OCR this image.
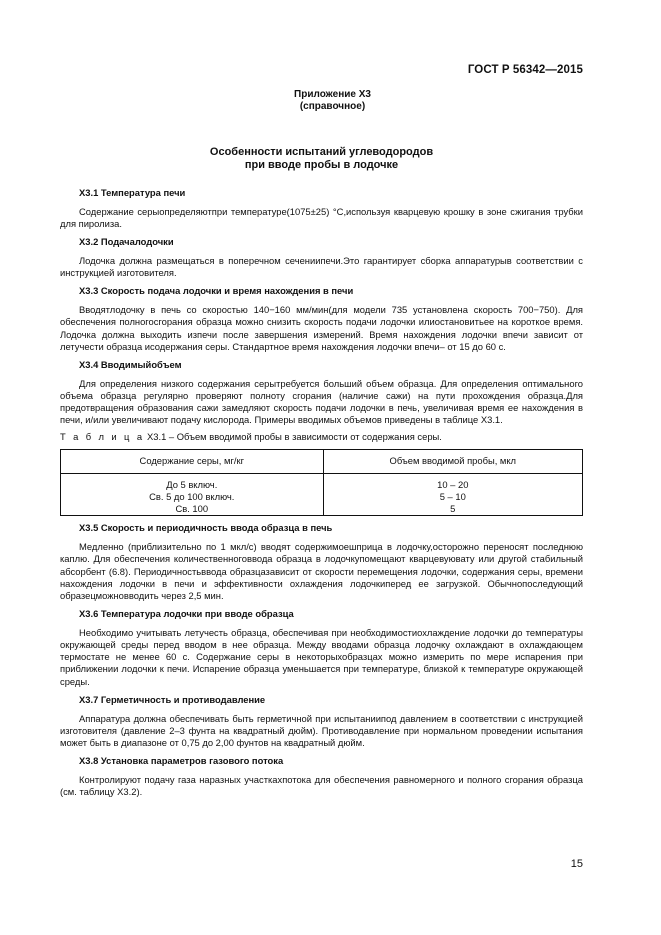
ГОСТ Р 56342—2015
Приложение Х3
(справочное)
Особенности испытаний углеводородов
при вводе пробы в лодочке
Х3.1 Температура печи

Содержание серыопределяютпри температуре(1075±25) °С,используя кварцевую крошку в зоне сжигания трубки для пиролиза.

Х3.2 Подачалодочки

Лодочка должна размещаться в поперечном сечениипечи.Это гарантирует сборка аппаратурыв соответствии с инструкцией изготовителя.

Х3.3 Скорость подача лодочки и время нахождения в печи

Вводятлодочку в печь со скоростью 140−160 мм/мин(для модели 735 установлена скорость 700−750). Для обеспечения полногосгорания образца можно снизить скорость подачи лодочки илиостановитьее на короткое время. Лодочка должна выходить изпечи после завершения измерений. Время нахождения лодочки впечи зависит от летучести образца исодержания серы. Стандартное время нахождения лодочки впечи– от 15 до 60 с.

Х3.4 Вводимыйобъем

Для определения низкого содержания серытребуется больший объем образца. Для определения оптимального объема образца регулярно проверяют полноту сгорания (наличие сажи) на пути прохождения образца.Для предотвращения образования сажи замедляют скорость подачи лодочки в печь, увеличивая время ее нахождения в печи, и/или увеличивают подачу кислорода. Примеры вводимых объемов приведены в таблице Х3.1.

Т а б л и ц а Х3.1 – Объем вводимой пробы в зависимости от содержания серы.
Содержание серы, мг/кг	Объем вводимой пробы, мкл
До 5 включ.	10 – 20
Св. 5 до 100 включ.	5 – 10
Св. 100	5
Х3.5 Скорость и периодичность ввода образца в печь

Медленно (приблизительно по 1 мкл/с) вводят содержимоешприца в лодочку,осторожно переносят последнюю каплю. Для обеспечения количественноговвода образца в лодочкупомещают кварцевуювату или другой стабильный абсорбент (6.8). Периодичностьввода образцазависит от скорости перемещения лодочки, содержания серы, времени нахождения лодочки в печи и эффективности охлаждения лодочкиперед ее загрузкой. Обычнопоследующий образецможновводить через 2,5 мин.

Х3.6 Температура лодочки при вводе образца

Необходимо учитывать летучесть образца, обеспечивая при необходимостиохлаждение лодочки до температуры окружающей среды перед вводом в нее образца. Между вводами образца лодочку охлаждают в охлаждающем термостате не менее 60 с. Содержание серы в некоторыхобразцах можно измерить по мере испарения при приближении лодочки к печи. Испарение образца уменьшается при температуре, близкой к температуре окружающей среды.

Х3.7 Герметичность и противодавление

Аппаратура должна обеспечивать быть герметичной при испытаниипод давлением в соответствии с инструкцией изготовителя (давление 2–3 фунта на квадратный дюйм). Противодавление при нормальном проведении испытания может быть в диапазоне от 0,75 до 2,00 фунтов на квадратный дюйм.

Х3.8 Установка параметров газового потока

Контролируют подачу газа наразных участкахпотока для обеспечения равномерного и полного сгорания образца (см. таблицу Х3.2).

15
